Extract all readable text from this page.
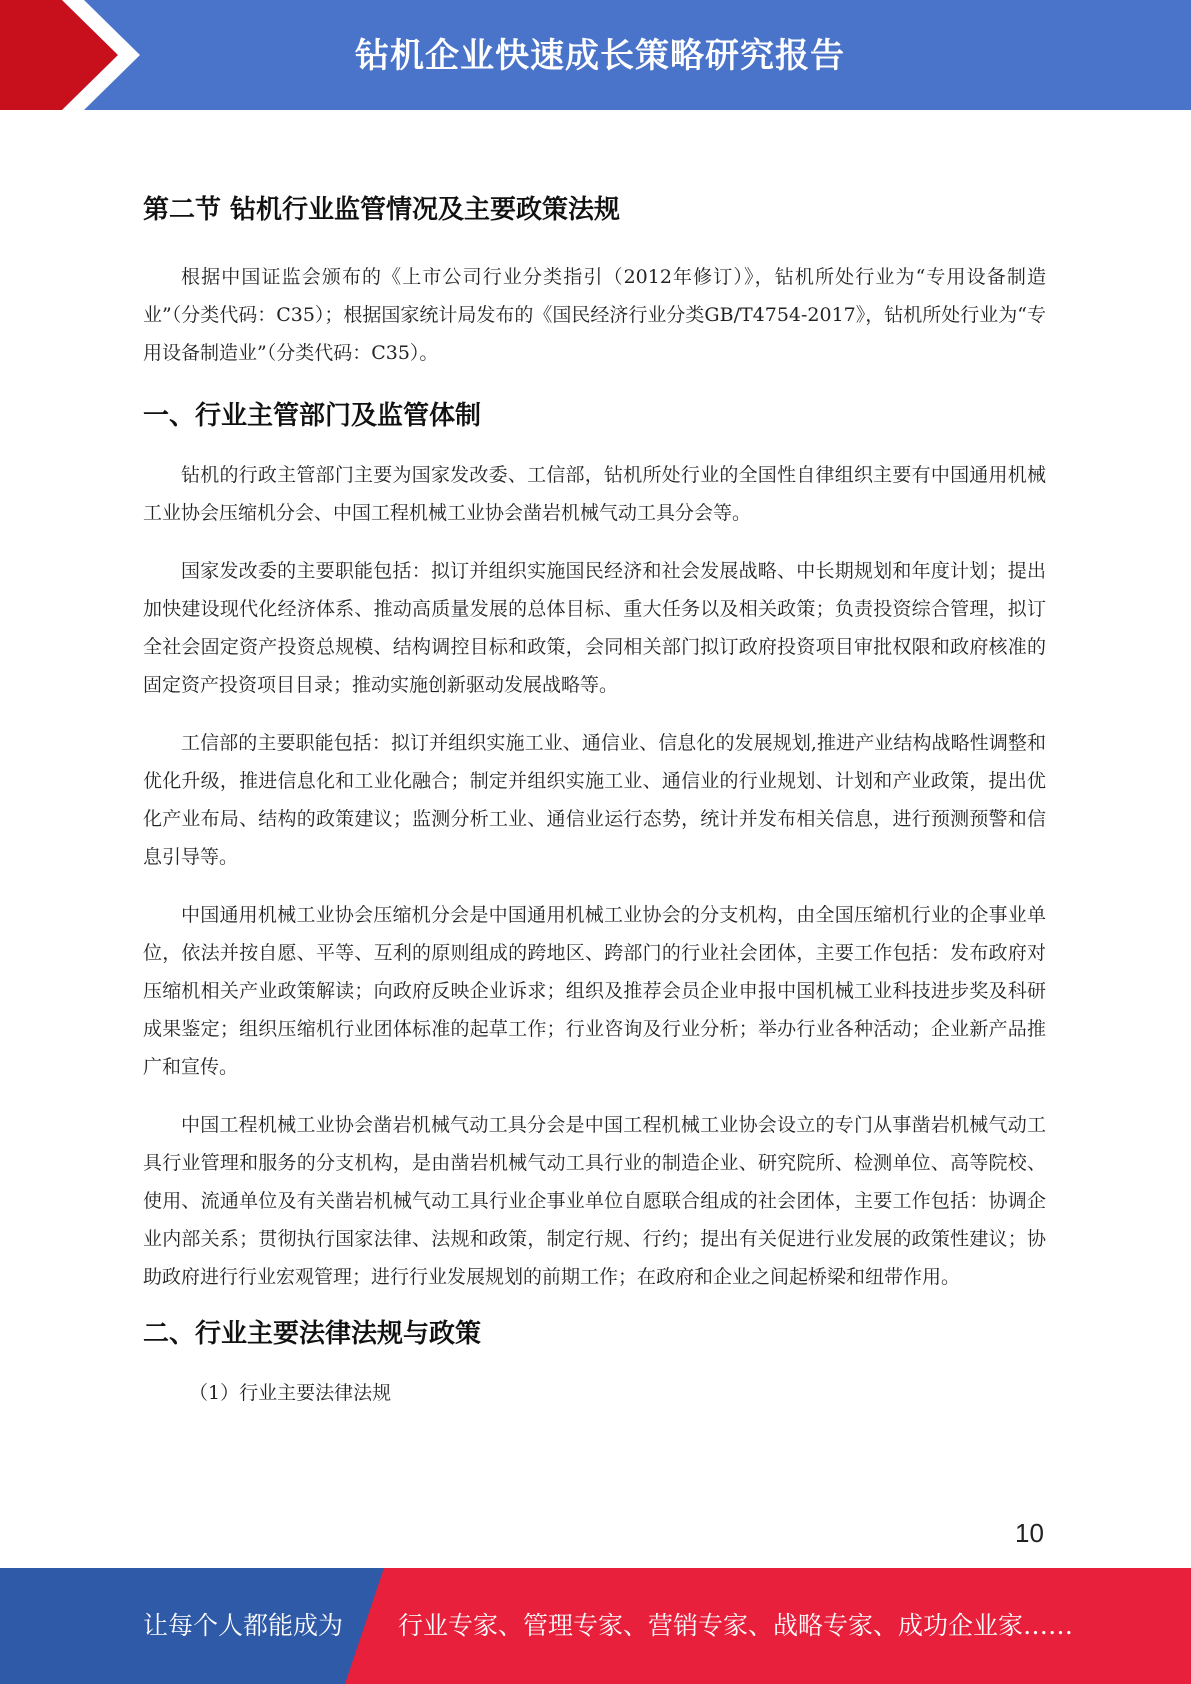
钻机企业快速成长策略研究报告
第二节 钻机行业监管情况及主要政策法规

根据中国证监会颁布的《上市公司行业分类指引（2012年修订）》，钻机所处行业为“专用设备制造业”（分类代码：C35）；根据国家统计局发布的《国民经济行业分类GB/T4754-2017》，钻机所处行业为“专用设备制造业”（分类代码：C35）。

一、行业主管部门及监管体制

钻机的行政主管部门主要为国家发改委、工信部，钻机所处行业的全国性自律组织主要有中国通用机械工业协会压缩机分会、中国工程机械工业协会凿岩机械气动工具分会等。

国家发改委的主要职能包括：拟订并组织实施国民经济和社会发展战略、中长期规划和年度计划；提出加快建设现代化经济体系、推动高质量发展的总体目标、重大任务以及相关政策；负责投资综合管理，拟订全社会固定资产投资总规模、结构调控目标和政策，会同相关部门拟订政府投资项目审批权限和政府核准的固定资产投资项目目录；推动实施创新驱动发展战略等。

工信部的主要职能包括：拟订并组织实施工业、通信业、信息化的发展规划,推进产业结构战略性调整和优化升级，推进信息化和工业化融合；制定并组织实施工业、通信业的行业规划、计划和产业政策，提出优化产业布局、结构的政策建议；监测分析工业、通信业运行态势，统计并发布相关信息，进行预测预警和信息引导等。

中国通用机械工业协会压缩机分会是中国通用机械工业协会的分支机构，由全国压缩机行业的企事业单位，依法并按自愿、平等、互利的原则组成的跨地区、跨部门的行业社会团体，主要工作包括：发布政府对压缩机相关产业政策解读；向政府反映企业诉求；组织及推荐会员企业申报中国机械工业科技进步奖及科研成果鉴定；组织压缩机行业团体标准的起草工作；行业咨询及行业分析；举办行业各种活动；企业新产品推广和宣传。

中国工程机械工业协会凿岩机械气动工具分会是中国工程机械工业协会设立的专门从事凿岩机械气动工具行业管理和服务的分支机构，是由凿岩机械气动工具行业的制造企业、研究院所、检测单位、高等院校、使用、流通单位及有关凿岩机械气动工具行业企事业单位自愿联合组成的社会团体，主要工作包括：协调企业内部关系；贯彻执行国家法律、法规和政策，制定行规、行约；提出有关促进行业发展的政策性建议；协助政府进行行业宏观管理；进行行业发展规划的前期工作；在政府和企业之间起桥梁和纽带作用。

二、行业主要法律法规与政策

（1）行业主要法律法规

10
让每个人都能成为 行业专家、管理专家、营销专家、战略专家、成功企业家……
